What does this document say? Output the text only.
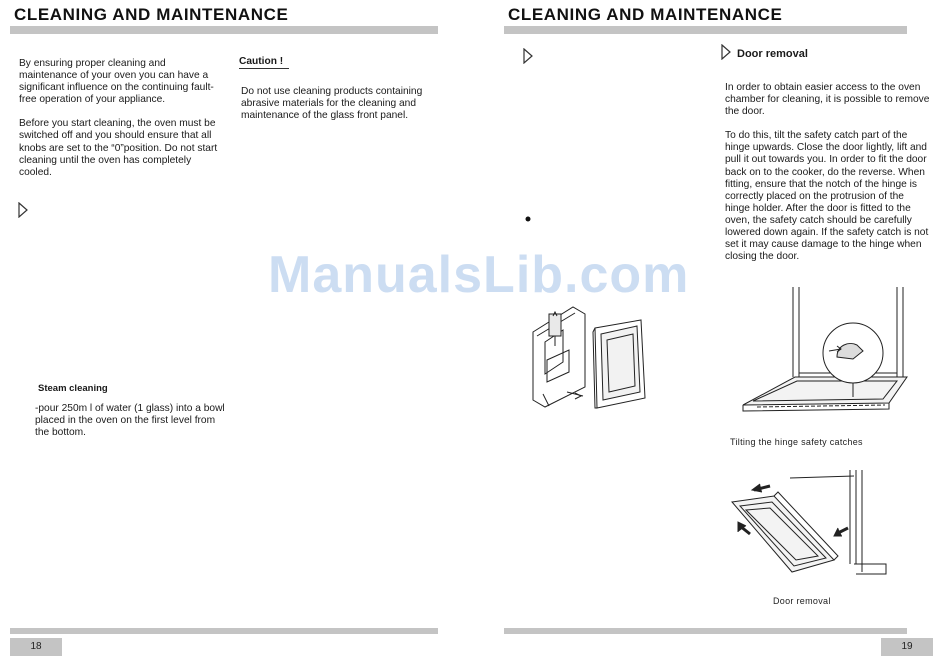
CLEANING AND MAINTENANCE

By ensuring proper cleaning and maintenance of your oven you can have a significant influence on the continuing fault-free operation of your appliance.

Before you start cleaning, the oven must be switched off and you should ensure that all knobs are set to the “0”position. Do not start cleaning until the oven has completely cooled.

Caution !
Do not use cleaning products containing abrasive materials for the cleaning and maintenance of the glass front panel.
Steam cleaning
-pour 250m l of water (1 glass) into a bowl placed in the oven on the first level from the bottom.
18
CLEANING AND MAINTENANCE
Door removal

In order to obtain easier access to the oven chamber for cleaning, it is possible to remove the door.

To do this, tilt the safety catch part of the hinge upwards. Close the door lightly, lift and pull it out towards you. In order to fit the door back on to the cooker, do the reverse. When fitting, ensure that the notch of the hinge is correctly placed on the protrusion of the hinge holder. After the door is fitted to the oven, the safety catch should be carefully lowered down again. If the safety catch is not set it may cause damage to the hinge when closing the door.

Tilting the hinge safety catches
Door removal
19
ManualsLib.com
